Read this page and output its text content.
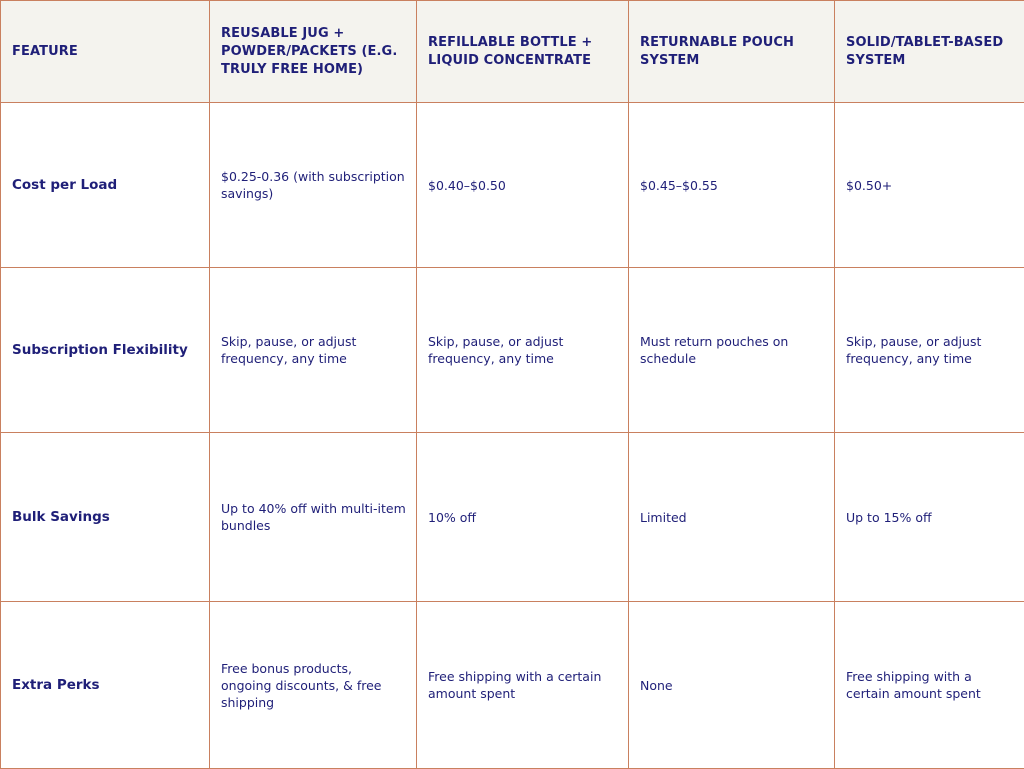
FEATURE	REUSABLE JUG + POWDER/PACKETS (E.G. TRULY FREE HOME)	REFILLABLE BOTTLE + LIQUID CONCENTRATE	RETURNABLE POUCH SYSTEM	SOLID/TABLET-BASED SYSTEM
Cost per Load	$0.25-0.36 (with subscription savings)	$0.40–$0.50	$0.45–$0.55	$0.50+
Subscription Flexibility	Skip, pause, or adjust frequency, any time	Skip, pause, or adjust frequency, any time	Must return pouches on schedule	Skip, pause, or adjust frequency, any time
Bulk Savings	Up to 40% off with multi-item bundles	10% off	Limited	Up to 15% off
Extra Perks	Free bonus products, ongoing discounts, & free shipping	Free shipping with a certain amount spent	None	Free shipping with a certain amount spent
